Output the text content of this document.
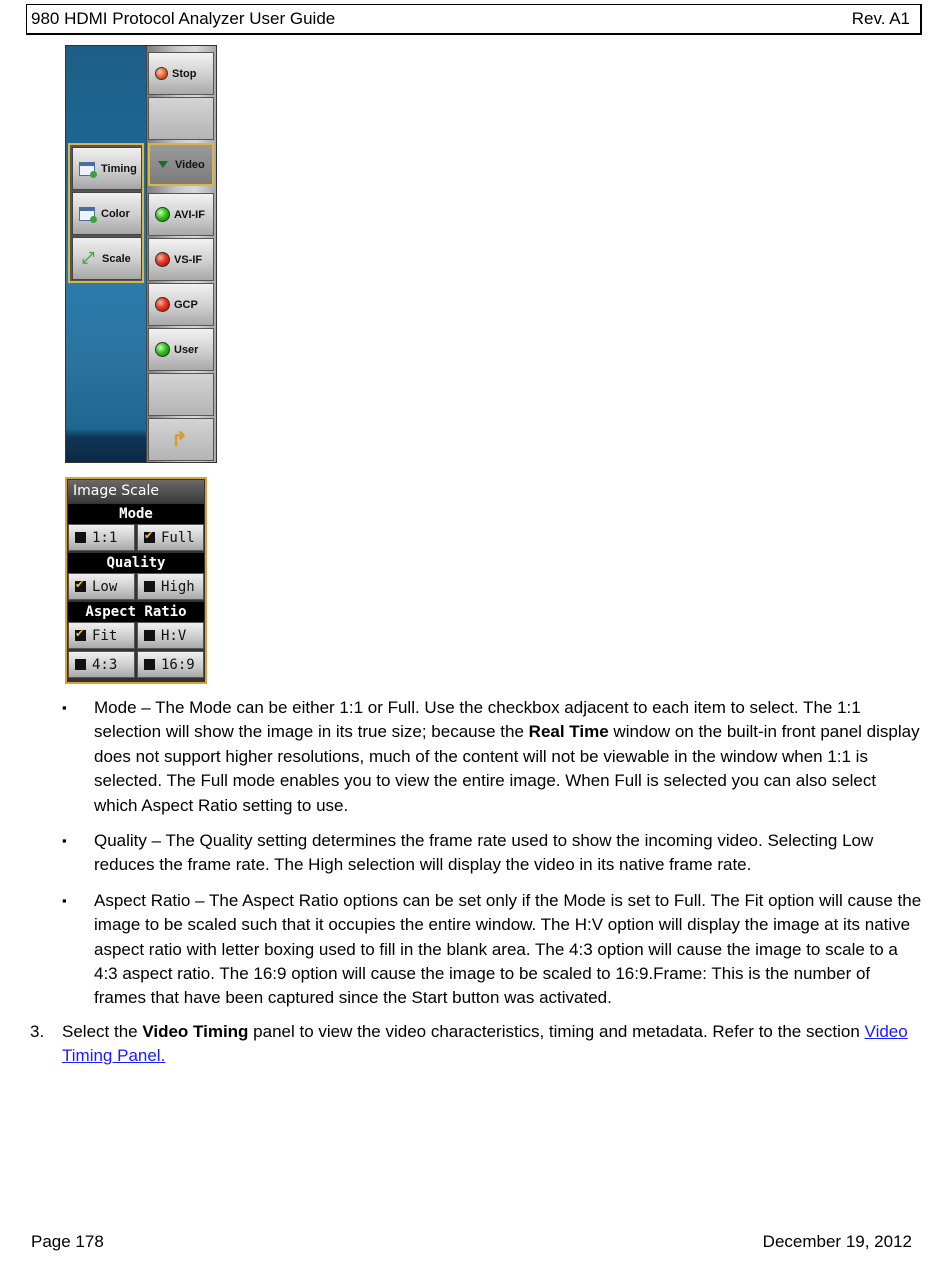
980 HDMI Protocol Analyzer User Guide	Rev. A1
Stop
Video
AVI-IF
VS-IF
GCP
User
↱
Timing
Color
⤢ Scale
Image Scale
Mode
1:1
✔	Full
Quality
✔
Low	High
Aspect Ratio
✔
Fit	H:V
4:3	16:9
▪ Mode – The Mode can be either 1:1 or Full. Use the checkbox adjacent to each item to select. The 1:1 selection will show the image in its true size; because the Real Time window on the built-in front panel display does not support higher resolutions, much of the content will not be viewable in the window when 1:1 is selected. The Full mode enables you to view the entire image. When Full is selected you can also select which Aspect Ratio setting to use.
▪ Quality – The Quality setting determines the frame rate used to show the incoming video. Selecting Low reduces the frame rate. The High selection will display the video in its native frame rate.
▪ Aspect Ratio – The Aspect Ratio options can be set only if the Mode is set to Full. The Fit option will cause the image to be scaled such that it occupies the entire window. The H:V option will display the image at its native aspect ratio with letter boxing used to fill in the blank area. The 4:3 option will cause the image to scale to a 4:3 aspect ratio. The 16:9 option will cause the image to be scaled to 16:9.Frame: This is the number of frames that have been captured since the Start button was activated.
3. Select the Video Timing panel to view the video characteristics, timing and metadata. Refer to the section Video Timing Panel.
Page 178	December 19, 2012
